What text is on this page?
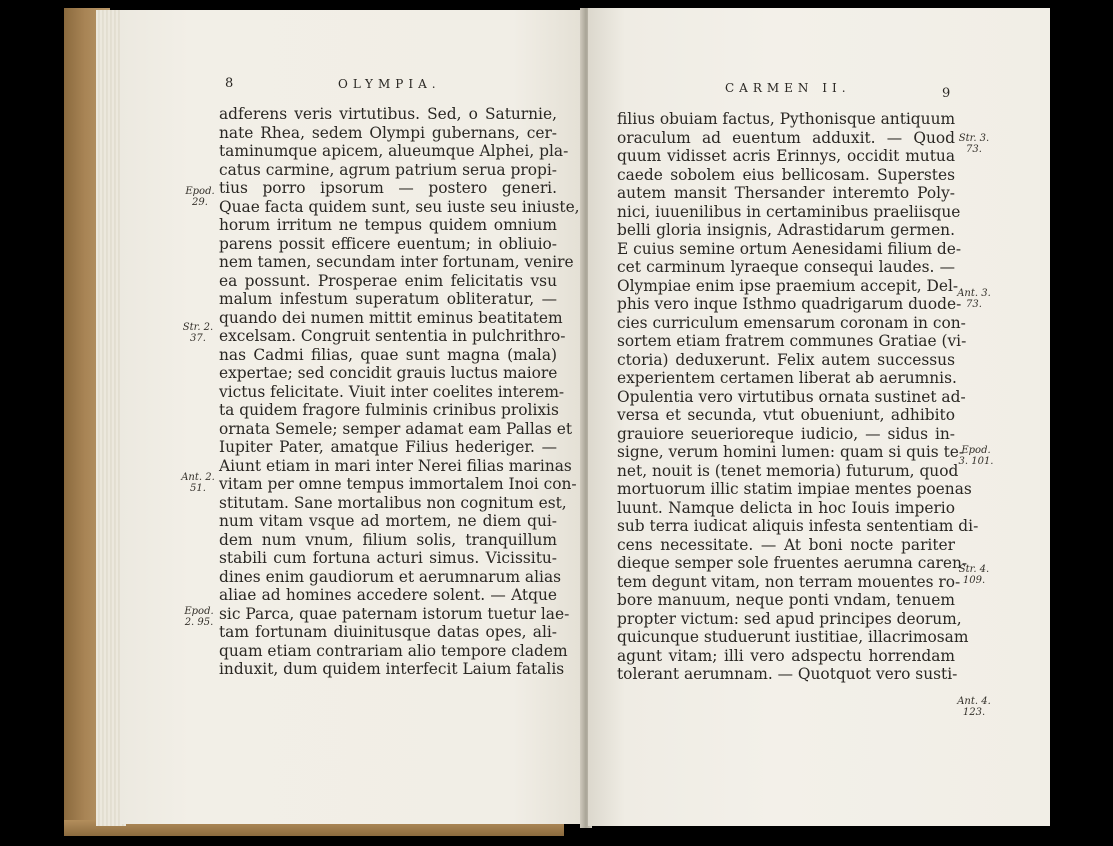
8	OLYMPIA.
adferens veris virtutibus. Sed, o Saturnie,
nate Rhea, sedem Olympi gubernans, cer-
taminumque apicem, alueumque Alphei, pla-
catus carmine, agrum patrium serua propi-
tius porro ipsorum — postero generi.
Quae facta quidem sunt, seu iuste seu iniuste,
horum irritum ne tempus quidem omnium
parens possit efficere euentum; in obliuio-
nem tamen, secundam inter fortunam, venire
ea possunt. Prosperae enim felicitatis vsu
malum infestum superatum obliteratur, —
quando dei numen mittit eminus beatitatem
excelsam. Congruit sententia in pulchrithro-
nas Cadmi filias, quae sunt magna (mala)
expertae; sed concidit grauis luctus maiore
victus felicitate. Viuit inter coelites interem-
ta quidem fragore fulminis crinibus prolixis
ornata Semele; semper adamat eam Pallas et
Iupiter Pater, amatque Filius hederiger. —
Aiunt etiam in mari inter Nerei filias marinas
vitam per omne tempus immortalem Inoi con-
stitutam. Sane mortalibus non cognitum est,
num vitam vsque ad mortem, ne diem qui-
dem num vnum, filium solis, tranquillum
stabili cum fortuna acturi simus. Vicissitu-
dines enim gaudiorum et aerumnarum alias
aliae ad homines accedere solent. — Atque
sic Parca, quae paternam istorum tuetur lae-
tam fortunam diuinitusque datas opes, ali-
quam etiam contrariam alio tempore cladem
induxit, dum quidem interfecit Laium fatalis
Epod.
29.
Str. 2.
37.
Ant. 2.
51.
Epod.
2. 95.
CARMEN II.	9
filius obuiam factus, Pythonisque antiquum
oraculum ad euentum adduxit. — Quod
quum vidisset acris Erinnys, occidit mutua
caede sobolem eius bellicosam. Superstes
autem mansit Thersander interemto Poly-
nici, iuuenilibus in certaminibus praeliisque
belli gloria insignis, Adrastidarum germen.
E cuius semine ortum Aenesidami filium de-
cet carminum lyraeque consequi laudes. —
Olympiae enim ipse praemium accepit, Del-
phis vero inque Isthmo quadrigarum duode-
cies curriculum emensarum coronam in con-
sortem etiam fratrem communes Gratiae (vi-
ctoria) deduxerunt. Felix autem successus
experientem certamen liberat ab aerumnis.
Opulentia vero virtutibus ornata sustinet ad-
versa et secunda, vtut obueniunt, adhibito
grauiore seuerioreque iudicio, — sidus in-
signe, verum homini lumen: quam si quis te-
net, nouit is (tenet memoria) futurum, quod
mortuorum illic statim impiae mentes poenas
luunt. Namque delicta in hoc Iouis imperio
sub terra iudicat aliquis infesta sententiam di-
cens necessitate. — At boni nocte pariter
dieque semper sole fruentes aerumna caren-
tem degunt vitam, non terram mouentes ro-
bore manuum, neque ponti vndam, tenuem
propter victum: sed apud principes deorum,
quicunque studuerunt iustitiae, illacrimosam
agunt vitam; illi vero adspectu horrendam
tolerant aerumnam. — Quotquot vero susti-
Str. 3.
73.
Ant. 3.
73.
Epod.
3. 101.
Str. 4.
109.
Ant. 4.
123.
